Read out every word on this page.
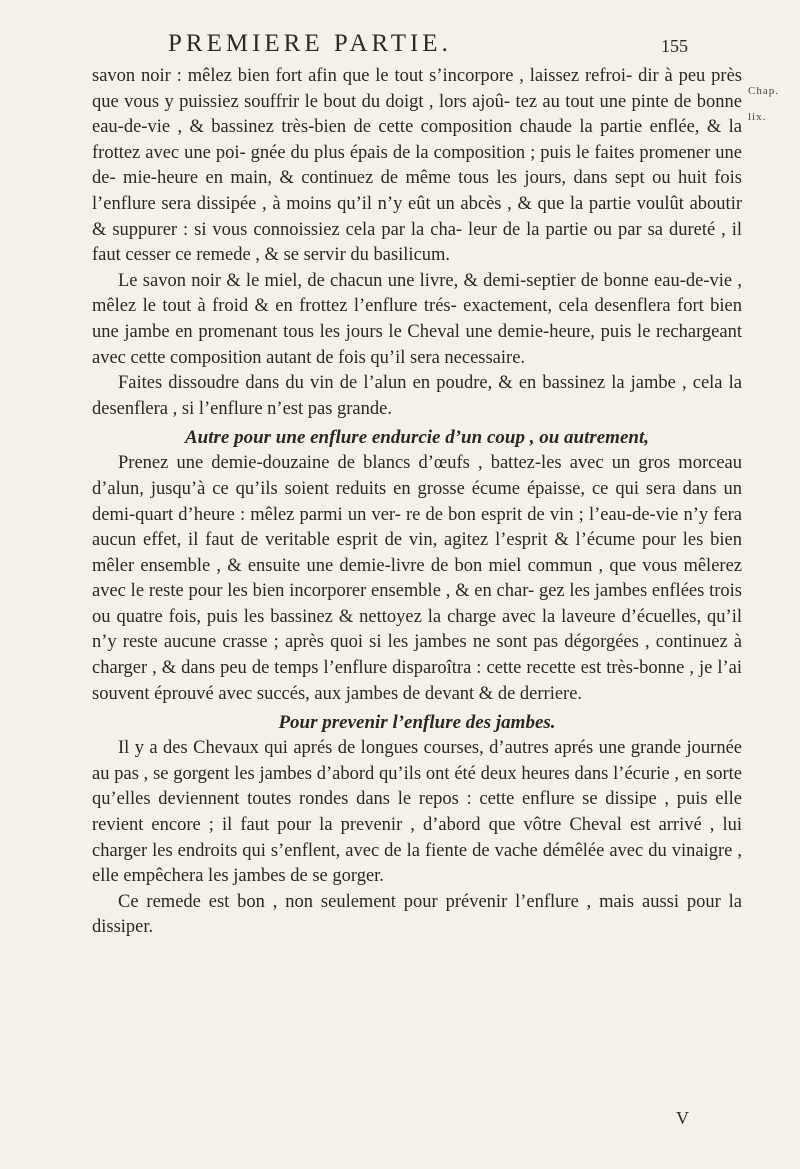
PREMIERE PARTIE.	155
Chap.
lix.

savon noir : mêlez bien fort afin que le tout s’incorpore , laissez refroi- dir à peu près que vous y puissiez souffrir le bout du doigt , lors ajoû- tez au tout une pinte de bonne eau-de-vie , & bassinez très-bien de cette composition chaude la partie enflée, & la frottez avec une poi- gnée du plus épais de la composition ; puis le faites promener une de- mie-heure en main, & continuez de même tous les jours, dans sept ou huit fois l’enflure sera dissipée , à moins qu’il n’y eût un abcès , & que la partie voulût aboutir & suppurer : si vous connoissiez cela par la cha- leur de la partie ou par sa dureté , il faut cesser ce remede , & se servir du basilicum.

Le savon noir & le miel, de chacun une livre, & demi-septier de bonne eau-de-vie , mêlez le tout à froid & en frottez l’enflure trés- exactement, cela desenflera fort bien une jambe en promenant tous les jours le Cheval une demie-heure, puis le rechargeant avec cette composition autant de fois qu’il sera necessaire.

Faites dissoudre dans du vin de l’alun en poudre, & en bassinez la jambe , cela la desenflera , si l’enflure n’est pas grande.

Autre pour une enflure endurcie d’un coup , ou autrement,

Prenez une demie-douzaine de blancs d’œufs , battez-les avec un gros morceau d’alun, jusqu’à ce qu’ils soient reduits en grosse écume épaisse, ce qui sera dans un demi-quart d’heure : mêlez parmi un ver- re de bon esprit de vin ; l’eau-de-vie n’y fera aucun effet, il faut de veritable esprit de vin, agitez l’esprit & l’écume pour les bien mêler ensemble , & ensuite une demie-livre de bon miel commun , que vous mêlerez avec le reste pour les bien incorporer ensemble , & en char- gez les jambes enflées trois ou quatre fois, puis les bassinez & nettoyez la charge avec la laveure d’écuelles, qu’il n’y reste aucune crasse ; après quoi si les jambes ne sont pas dégorgées , continuez à charger , & dans peu de temps l’enflure disparoîtra : cette recette est très-bonne , je l’ai souvent éprouvé avec succés, aux jambes de devant & de derriere.

Pour prevenir l’enflure des jambes.

Il y a des Chevaux qui aprés de longues courses, d’autres aprés une grande journée au pas , se gorgent les jambes d’abord qu’ils ont été deux heures dans l’écurie , en sorte qu’elles deviennent toutes rondes dans le repos : cette enflure se dissipe , puis elle revient encore ; il faut pour la prevenir , d’abord que vôtre Cheval est arrivé , lui charger les endroits qui s’enflent, avec de la fiente de vache démêlée avec du vinaigre , elle empêchera les jambes de se gorger.

Ce remede est bon , non seulement pour prévenir l’enflure , mais aussi pour la dissiper.

V
